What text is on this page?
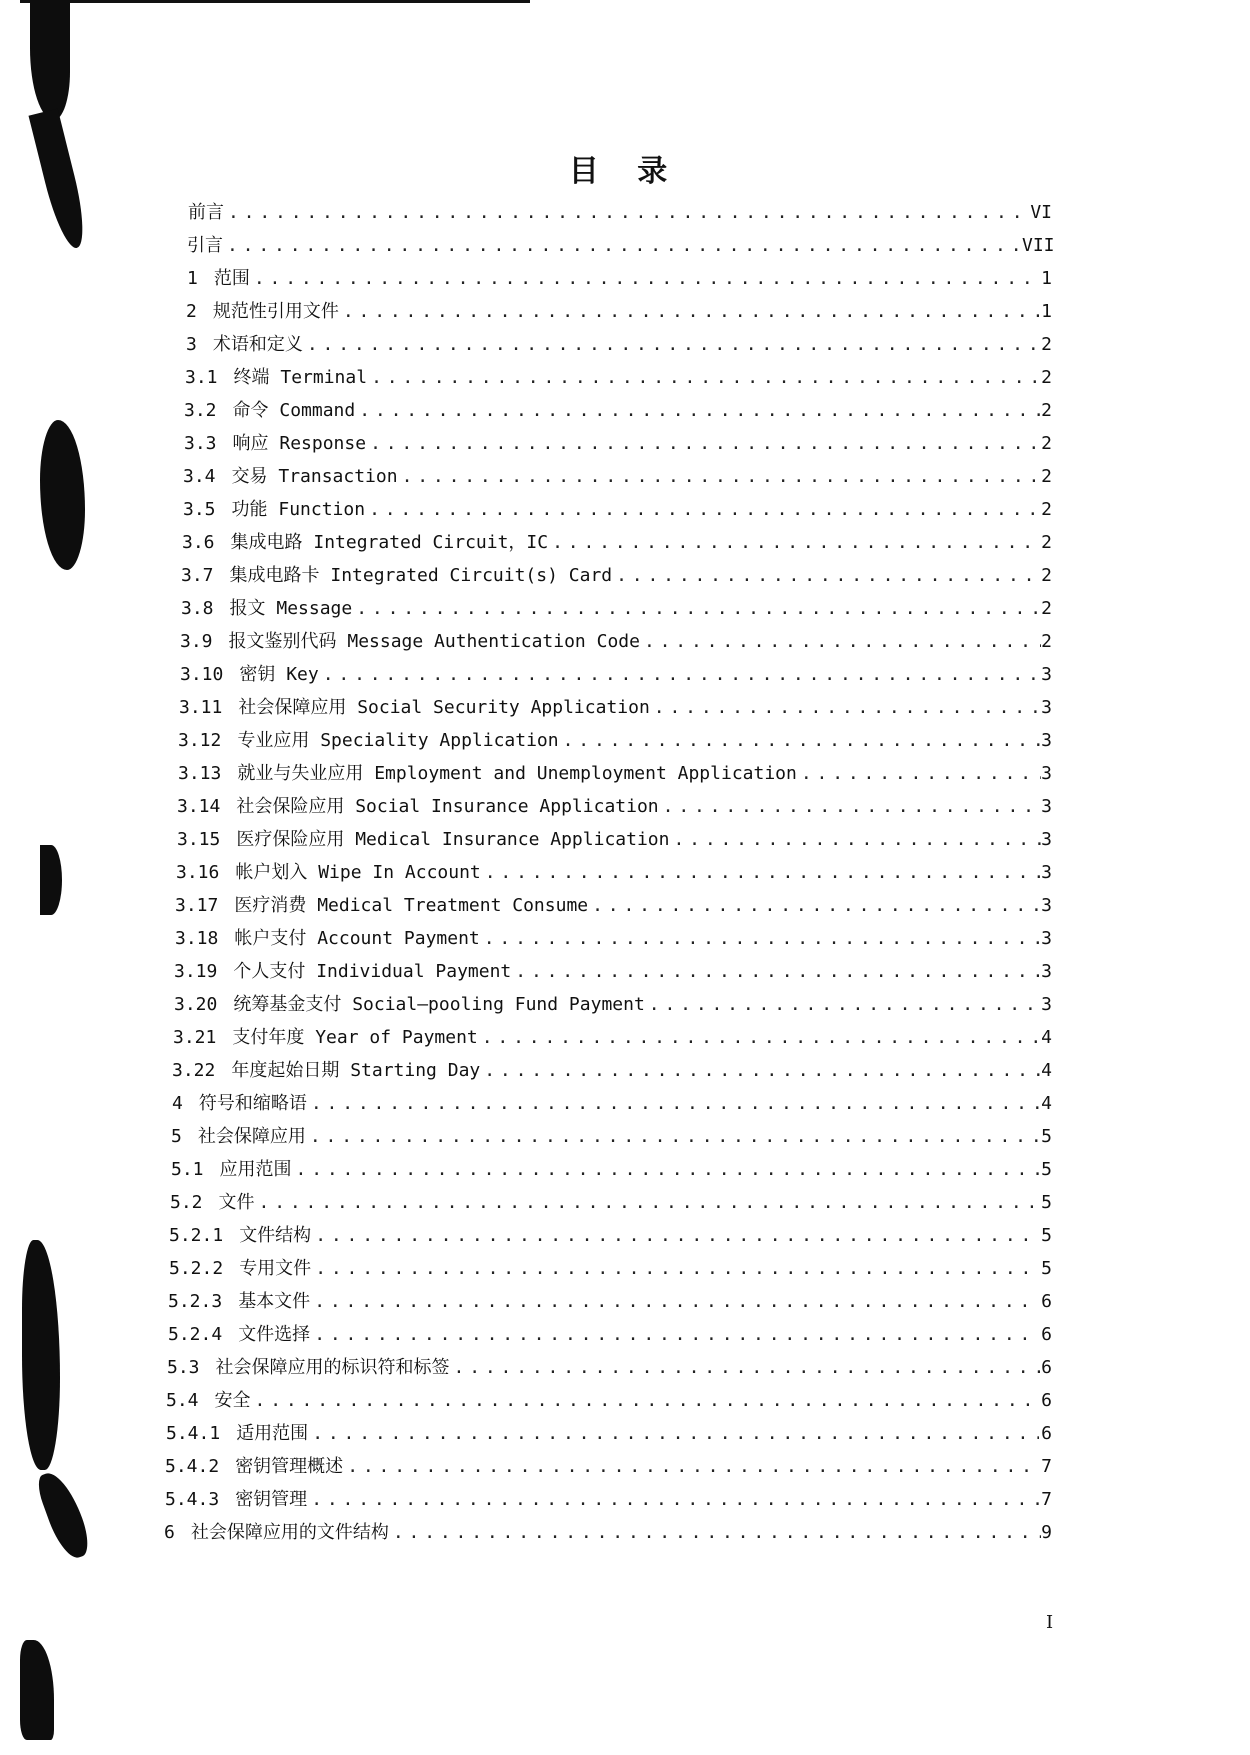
目 录
前言 . . .	VI
引言 . . .	VII
1 范围 . . .	1
2 规范性引用文件 . . .	1
3 术语和定义 . . .	2
3.1 终端 Terminal . . .	2
3.2 命令 Command . . .	2
3.3 响应 Response . . .	2
3.4 交易 Transaction . . .	2
3.5 功能 Function . . .	2
3.6 集成电路 Integrated Circuit，IC . . .	2
3.7 集成电路卡 Integrated Circuit(s) Card . . .	2
3.8 报文 Message . . .	2
3.9 报文鉴别代码 Message Authentication Code . . .	2
3.10 密钥 Key . . .	3
3.11 社会保障应用 Social Security Application . . .	3
3.12 专业应用 Speciality Application . . .	3
3.13 就业与失业应用 Employment and Unemployment Application . . .	3
3.14 社会保险应用 Social Insurance Application . . .	3
3.15 医疗保险应用 Medical Insurance Application . . .	3
3.16 帐户划入 Wipe In Account . . .	3
3.17 医疗消费 Medical Treatment Consume . . .	3
3.18 帐户支付 Account Payment . . .	3
3.19 个人支付 Individual Payment . . .	3
3.20 统筹基金支付 Social—pooling Fund Payment . . .	3
3.21 支付年度 Year of Payment . . .	4
3.22 年度起始日期 Starting Day . . .	4
4 符号和缩略语 . . .	4
5 社会保障应用 . . .	5
5.1 应用范围 . . .	5
5.2 文件 . . .	5
5.2.1 文件结构 . . .	5
5.2.2 专用文件 . . .	5
5.2.3 基本文件 . . .	6
5.2.4 文件选择 . . .	6
5.3 社会保障应用的标识符和标签 . . .	6
5.4 安全 . . .	6
5.4.1 适用范围 . . .	6
5.4.2 密钥管理概述 . . .	7
5.4.3 密钥管理 . . .	7
6 社会保障应用的文件结构 . . .	9
I
